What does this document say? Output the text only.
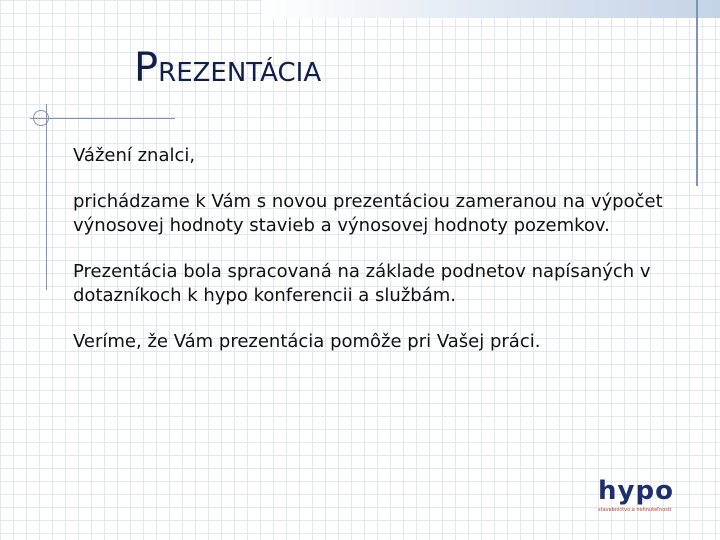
PREZENTÁCIA

Vážení znalci,

prichádzame k Vám s novou prezentáciou zameranou na výpočet výnosovej hodnoty stavieb a výnosovej hodnoty pozemkov.

Prezentácia bola spracovaná na základe podnetov napísaných v dotazníkoch k hypo konferencii a službám.

Veríme, že Vám prezentácia pomôže pri Vašej práci.

hypo
stavebnictvo a nehnuteľnosti
